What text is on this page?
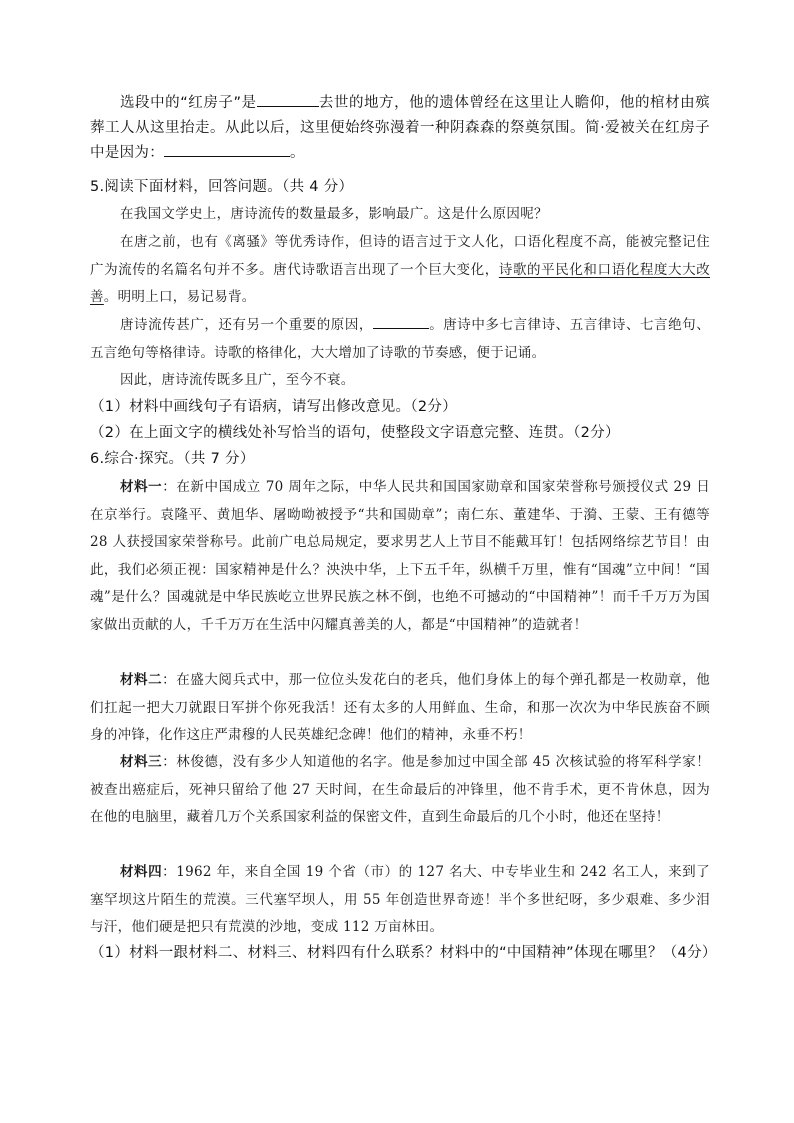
选段中的“红房子”是	去世的地方，他的遗体曾经在这里让人瞻仰，他的棺材由殡葬工人从这里抬走。从此以后，这里便始终弥漫着一种阴森森的祭奠氛围。简·爱被关在红房子中是因为：	。

5.阅读下面材料，回答问题。（共 4 分）

在我国文学史上，唐诗流传的数量最多，影响最广。这是什么原因呢？

在唐之前，也有《离骚》等优秀诗作，但诗的语言过于文人化，口语化程度不高，能被完整记住广为流传的名篇名句并不多。唐代诗歌语言出现了一个巨大变化，诗歌的平民化和口语化程度大大改善。明明上口，易记易背。

唐诗流传甚广，还有另一个重要的原因，	。唐诗中多七言律诗、五言律诗、七言绝句、五言绝句等格律诗。诗歌的格律化，大大增加了诗歌的节奏感，便于记诵。

因此，唐诗流传既多且广，至今不衰。

（1）材料中画线句子有语病，请写出修改意见。（2分）

（2）在上面文字的横线处补写恰当的语句，使整段文字语意完整、连贯。（2分）

6.综合·探究。（共 7 分）

材料一：在新中国成立 70 周年之际，中华人民共和国国家勋章和国家荣誉称号颁授仪式 29 日在京举行。袁隆平、黄旭华、屠呦呦被授予“共和国勋章”；南仁东、董建华、于漪、王蒙、王有德等 28 人获授国家荣誉称号。此前广电总局规定，要求男艺人上节目不能戴耳钉！包括网络综艺节目！由此，我们必须正视：国家精神是什么？泱泱中华，上下五千年，纵横千万里，惟有“国魂”立中间！“国魂”是什么？国魂就是中华民族屹立世界民族之林不倒，也绝不可撼动的“中国精神”！而千千万万为国家做出贡献的人，千千万万在生活中闪耀真善美的人，都是“中国精神”的造就者！

材料二：在盛大阅兵式中，那一位位头发花白的老兵，他们身体上的每个弹孔都是一枚勋章，他们扛起一把大刀就跟日军拼个你死我活！还有太多的人用鲜血、生命，和那一次次为中华民族奋不顾身的冲锋，化作这庄严肃穆的人民英雄纪念碑！他们的精神，永垂不朽！

材料三：林俊德，没有多少人知道他的名字。他是参加过中国全部 45 次核试验的将军科学家！被查出癌症后，死神只留给了他 27 天时间，在生命最后的冲锋里，他不肯手术，更不肯休息，因为在他的电脑里，藏着几万个关系国家利益的保密文件，直到生命最后的几个小时，他还在坚持！

材料四：1962 年，来自全国 19 个省（市）的 127 名大、中专毕业生和 242 名工人，来到了塞罕坝这片陌生的荒漠。三代塞罕坝人，用 55 年创造世界奇迹！半个多世纪呀，多少艰难、多少泪与汗，他们硬是把只有荒漠的沙地，变成 112 万亩林田。

（1）材料一跟材料二、材料三、材料四有什么联系？材料中的“中国精神”体现在哪里？（4分）
